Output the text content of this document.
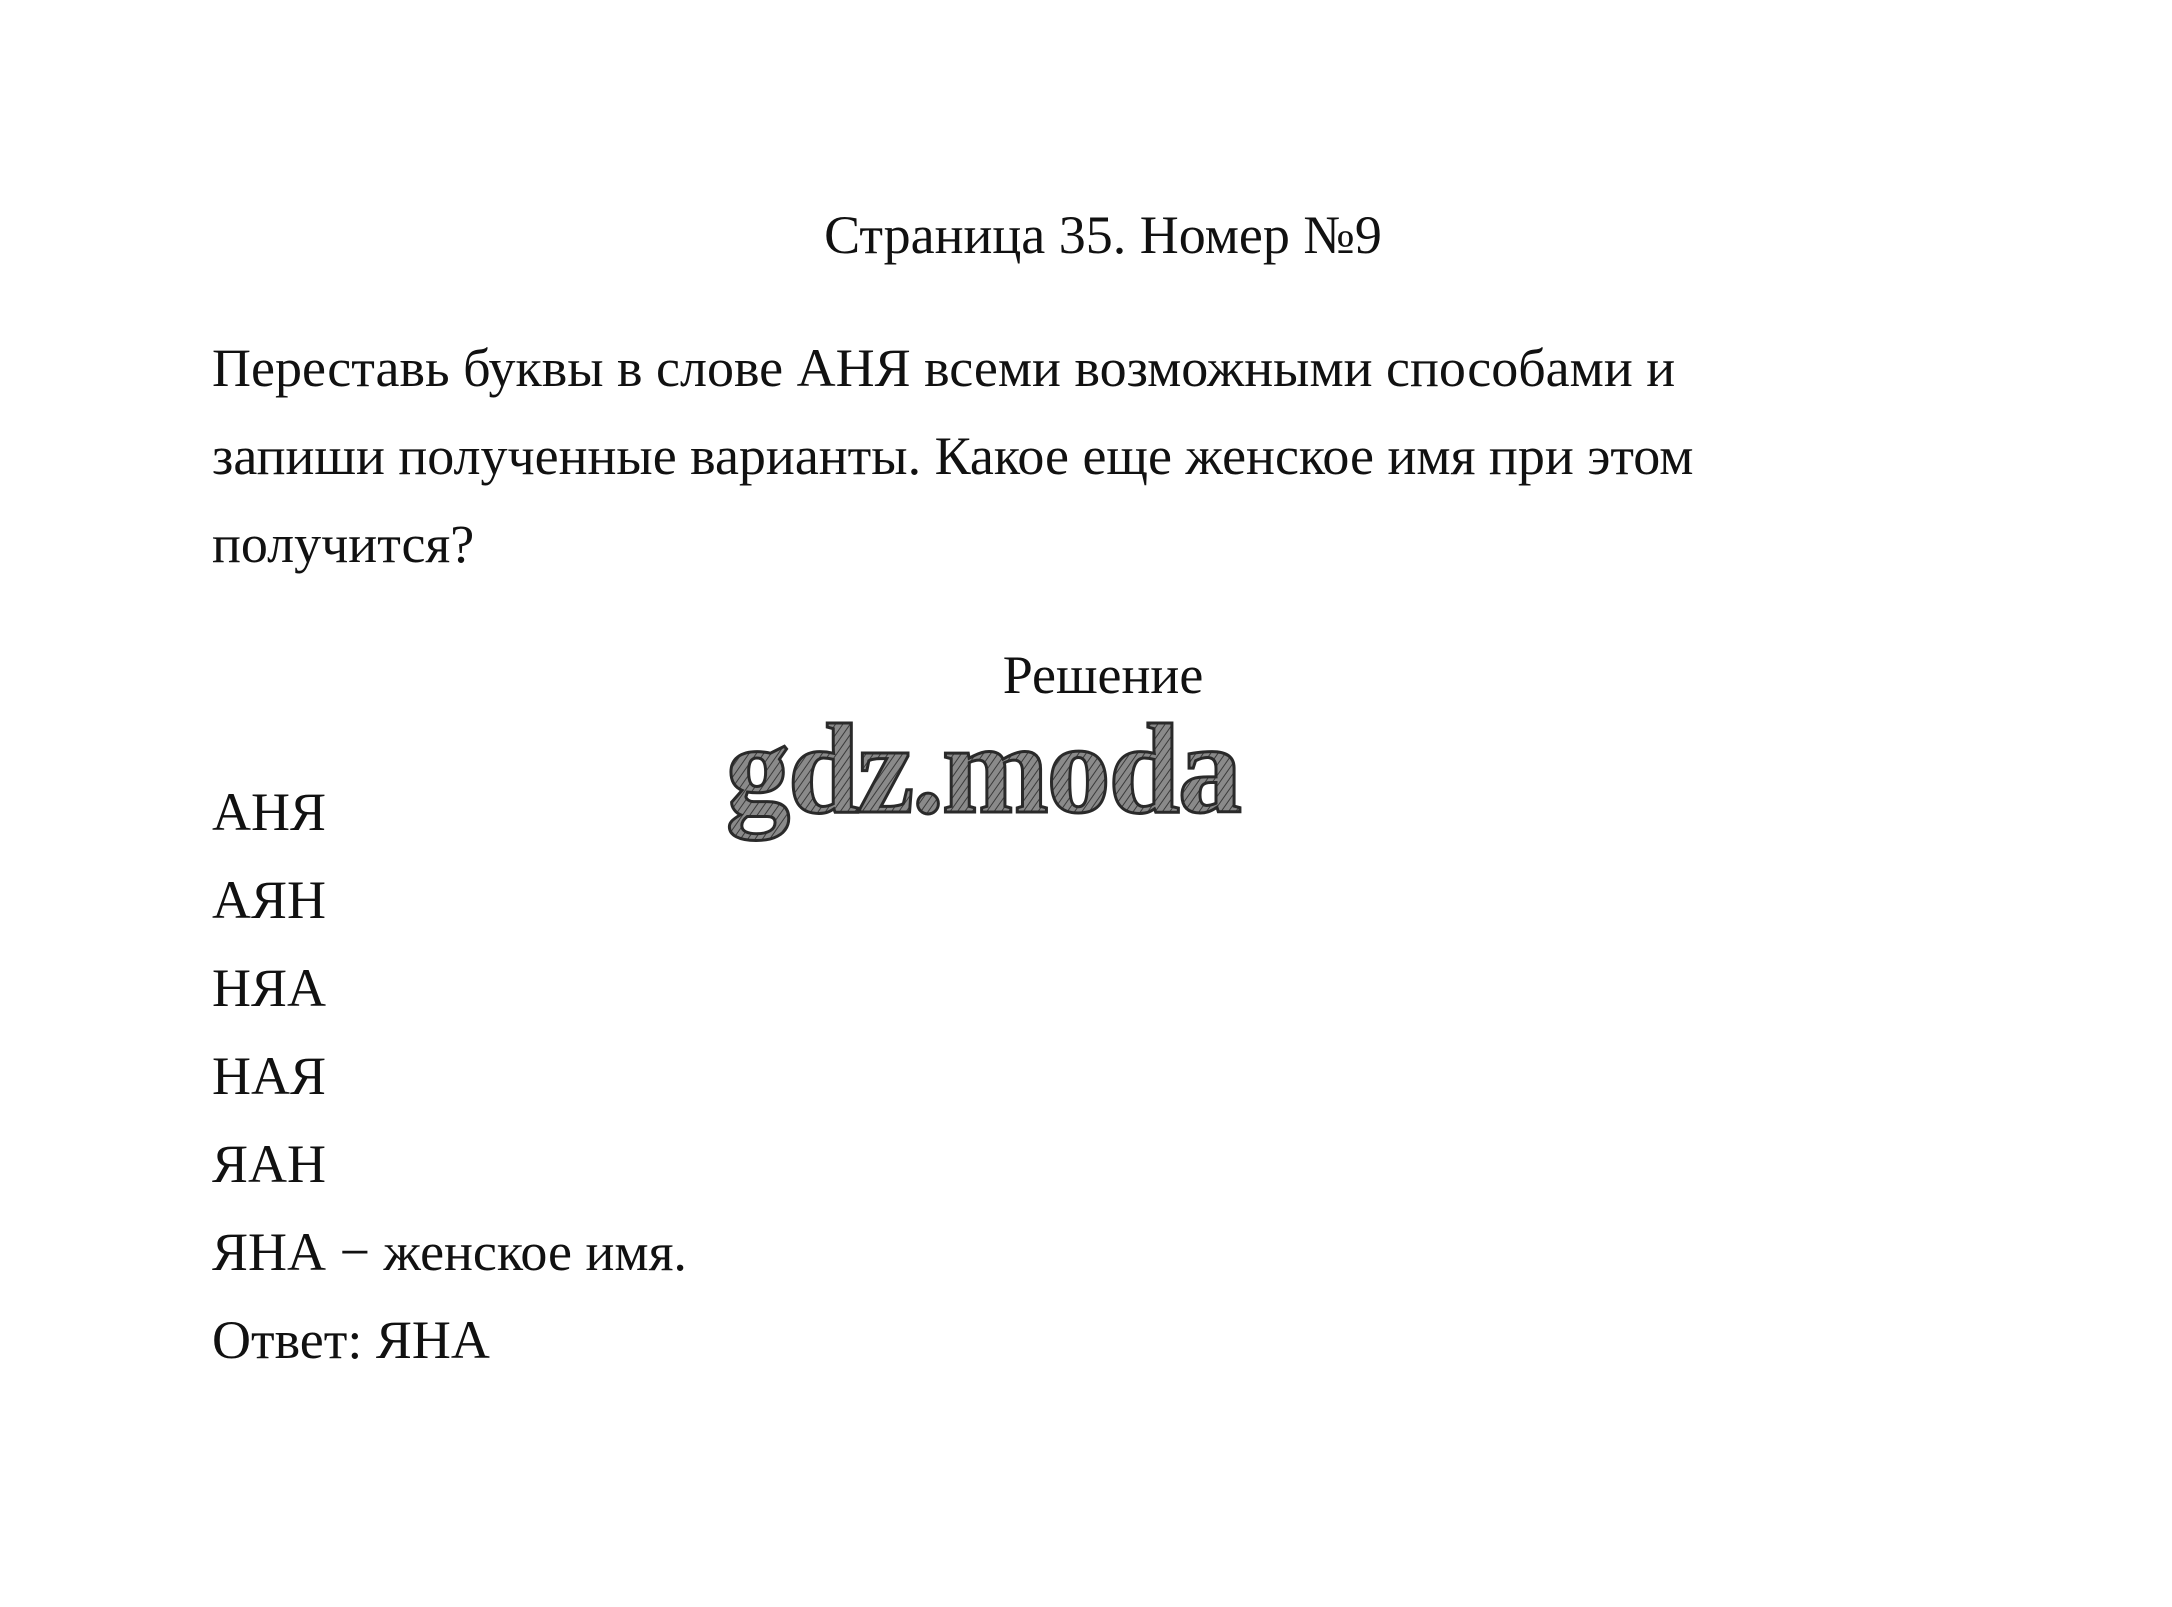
Страница 35. Номер №9
Переставь буквы в слове АНЯ всеми возможными способами и
запиши полученные варианты. Какое еще женское имя при этом
получится?
Решение
gdz.moda
АНЯ
АЯН
НЯА
НАЯ
ЯАН
ЯНА − женское имя.
Ответ: ЯНА
